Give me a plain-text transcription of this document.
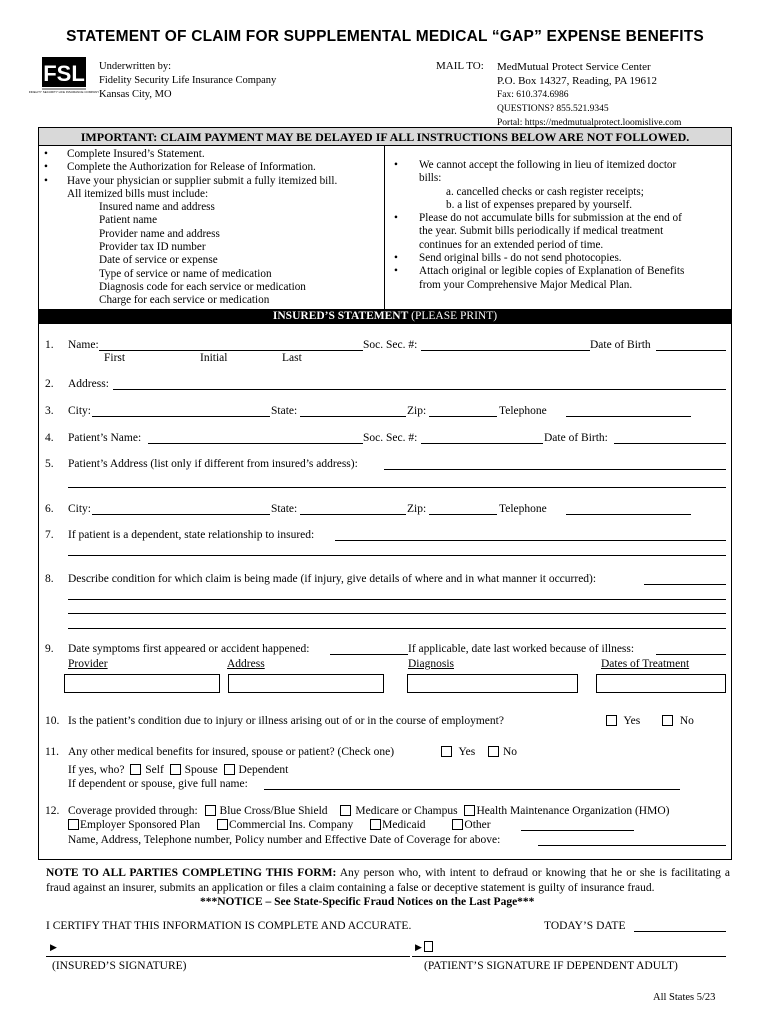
STATEMENT OF CLAIM FOR SUPPLEMENTAL MEDICAL “GAP” EXPENSE BENEFITS
FSL
FIDELITY SECURITY LIFE INSURANCE COMPANY
Underwritten by:
Fidelity Security Life Insurance Company
Kansas City, MO
MAIL TO: MedMutual Protect Service Center
P.O. Box 14327, Reading, PA 19612
Fax: 610.374.6986
QUESTIONS? 855.521.9345
Portal: https://medmutualprotect.loomislive.com
IMPORTANT: CLAIM PAYMENT MAY BE DELAYED IF ALL INSTRUCTIONS BELOW ARE NOT FOLLOWED.
• Complete Insured’s Statement.
• Complete the Authorization for Release of Information.
• Have your physician or supplier submit a fully itemized bill.
All itemized bills must include:
Insured name and address
Patient name
Provider name and address
Provider tax ID number
Date of service or expense
Type of service or name of medication
Diagnosis code for each service or medication
Charge for each service or medication
• We cannot accept the following in lieu of itemized doctor
bills:
a. cancelled checks or cash register receipts;
b. a list of expenses prepared by yourself.
• Please do not accumulate bills for submission at the end of
the year. Submit bills periodically if medical treatment
continues for an extended period of time.
• Send original bills - do not send photocopies.
• Attach original or legible copies of Explanation of Benefits
from your Comprehensive Major Medical Plan.
INSURED’S STATEMENT (PLEASE PRINT)
1. Name:	Soc. Sec. #:	Date of Birth
First	Initial	Last
2. Address:
3. City:	State:	Zip:	Telephone
4. Patient’s Name:	Soc. Sec. #:	Date of Birth:
5. Patient’s Address (list only if different from insured’s address):
6. City:	State:	Zip:	Telephone
7. If patient is a dependent, state relationship to insured:
8. Describe condition for which claim is being made (if injury, give details of where and in what manner it occurred):
9. Date symptoms first appeared or accident happened:	If applicable, date last worked because of illness:
Provider	Address	Diagnosis	Dates of Treatment
10. Is the patient’s condition due to injury or illness arising out of or in the course of employment?	Yes	No
11. Any other medical benefits for insured, spouse or patient? (Check one)	Yes	No
If yes, who? Self Spouse Dependent
If dependent or spouse, give full name:
12. Coverage provided through: Blue Cross/Blue Shield Medicare or Champus Health Maintenance Organization (HMO)
Employer Sponsored Plan	Commercial Ins. Company	Medicaid	Other
Name, Address, Telephone number, Policy number and Effective Date of Coverage for above:
NOTE TO ALL PARTIES COMPLETING THIS FORM: Any person who, with intent to defraud or knowing that he or she is facilitating a fraud against an insurer, submits an application or files a claim containing a false or deceptive statement is guilty of insurance fraud.
***NOTICE – See State-Specific Fraud Notices on the Last Page***
I CERTIFY THAT THIS INFORMATION IS COMPLETE AND ACCURATE.	TODAY’S DATE
▶	▶
(INSURED’S SIGNATURE)	(PATIENT’S SIGNATURE IF DEPENDENT ADULT)
All States 5/23
